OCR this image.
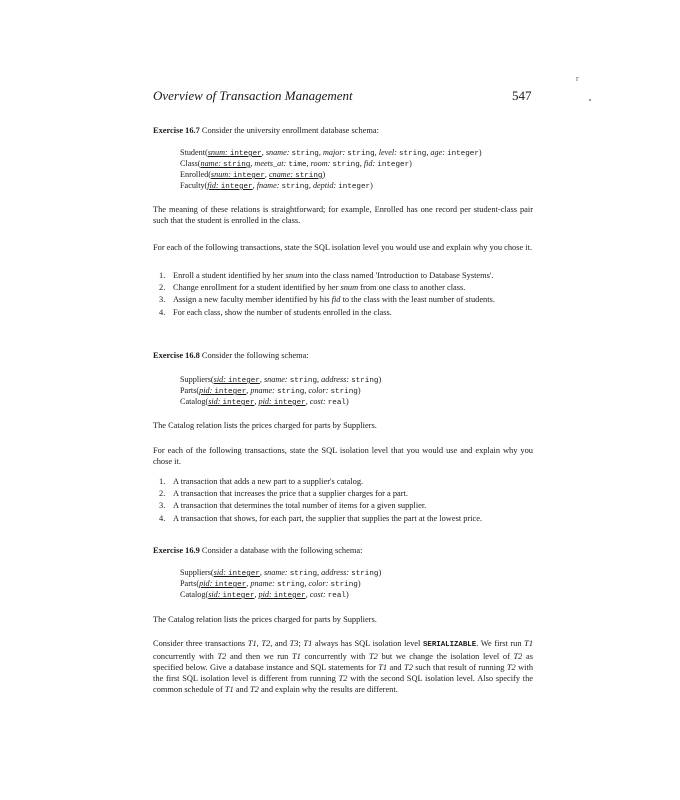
Overview of Transaction Management	547
r
Exercise 16.7 Consider the university enrollment database schema:
Student(snum: integer, sname: string, major: string, level: string, age: integer)
Class(name: string, meets_at: time, room: string, fid: integer)
Enrolled(snum: integer, cname: string)
Faculty(fid: integer, fname: string, deptid: integer)

The meaning of these relations is straightforward; for example, Enrolled has one record per student-class pair such that the student is enrolled in the class.

For each of the following transactions, state the SQL isolation level you would use and explain why you chose it.

1. Enroll a student identified by her snum into the class named 'Introduction to Database Systems'.
2. Change enrollment for a student identified by her snum from one class to another class.
3. Assign a new faculty member identified by his fid to the class with the least number of students.
4. For each class, show the number of students enrolled in the class.
Exercise 16.8 Consider the following schema:
Suppliers(sid: integer, sname: string, address: string)
Parts(pid: integer, pname: string, color: string)
Catalog(sid: integer, pid: integer, cost: real)

The Catalog relation lists the prices charged for parts by Suppliers.

For each of the following transactions, state the SQL isolation level that you would use and explain why you chose it.

1. A transaction that adds a new part to a supplier's catalog.
2. A transaction that increases the price that a supplier charges for a part.
3. A transaction that determines the total number of items for a given supplier.
4. A transaction that shows, for each part, the supplier that supplies the part at the lowest price.
Exercise 16.9 Consider a database with the following schema:
Suppliers(sid: integer, sname: string, address: string)
Parts(pid: integer, pname: string, color: string)
Catalog(sid: integer, pid: integer, cost: real)

The Catalog relation lists the prices charged for parts by Suppliers.

Consider three transactions T1, T2, and T3; T1 always has SQL isolation level SERIALIZABLE. We first run T1 concurrently with T2 and then we run T1 concurrently with T2 but we change the isolation level of T2 as specified below. Give a database instance and SQL statements for T1 and T2 such that result of running T2 with the first SQL isolation level is different from running T2 with the second SQL isolation level. Also specify the common schedule of T1 and T2 and explain why the results are different.
